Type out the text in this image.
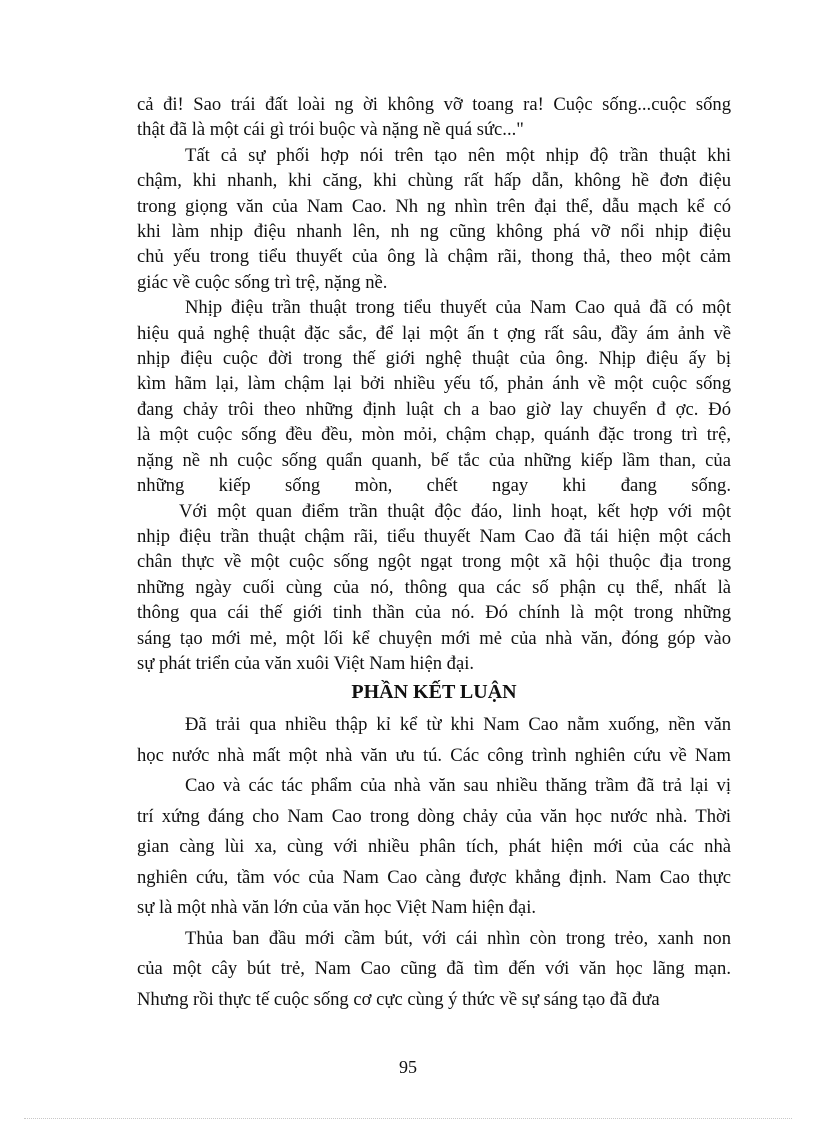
cả đi! Sao trái đất loài ng ời không vỡ toang ra! Cuộc sống...cuộc sống
thật đã là một cái gì trói buộc và nặng nề quá sức..."
Tất cả sự phối hợp nói trên tạo nên một nhịp độ trần thuật khi
chậm, khi nhanh, khi căng, khi chùng rất hấp dẫn, không hề đơn điệu
trong giọng văn của Nam Cao. Nh ng nhìn trên đại thể, dẫu mạch kể có
khi làm nhịp điệu nhanh lên, nh ng cũng không phá vỡ nổi nhịp điệu
chủ yếu trong tiểu thuyết của ông là chậm rãi, thong thả, theo một cảm
giác về cuộc sống trì trệ, nặng nề.
Nhịp điệu trần thuật trong tiểu thuyết của Nam Cao quả đã có một
hiệu quả nghệ thuật đặc sắc, để lại một ấn t ợng rất sâu, đầy ám ảnh về
nhịp điệu cuộc đời trong thế giới nghệ thuật của ông. Nhịp điệu ấy bị
kìm hãm lại, làm chậm lại bởi nhiều yếu tố, phản ánh về một cuộc sống
đang chảy trôi theo những định luật ch a bao giờ lay chuyển đ ợc. Đó
là một cuộc sống đều đều, mòn mỏi, chậm chạp, quánh đặc trong trì trệ,
nặng nề nh cuộc sống quẩn quanh, bế tắc của những kiếp lầm than, của
những kiếp sống mòn, chết ngay khi đang sống.
Với một quan điểm trần thuật độc đáo, linh hoạt, kết hợp với một
nhịp điệu trần thuật chậm rãi, tiểu thuyết Nam Cao đã tái hiện một cách
chân thực về một cuộc sống ngột ngạt trong một xã hội thuộc địa trong
những ngày cuối cùng của nó, thông qua các số phận cụ thể, nhất là
thông qua cái thế giới tinh thần của nó. Đó chính là một trong những
sáng tạo mới mẻ, một lối kể chuyện mới mẻ của nhà văn, đóng góp vào
sự phát triển của văn xuôi Việt Nam hiện đại.
PHẦN KẾT LUẬN
Đã trải qua nhiều thập kỉ kể từ khi Nam Cao nằm xuống, nền văn
học nước nhà mất một nhà văn ưu tú. Các công trình nghiên cứu về Nam
Cao và các tác phẩm của nhà văn sau nhiều thăng trầm đã trả lại vị
trí xứng đáng cho Nam Cao trong dòng chảy của văn học nước nhà. Thời
gian càng lùi xa, cùng với nhiều phân tích, phát hiện mới của các nhà
nghiên cứu, tầm vóc của Nam Cao càng được khẳng định. Nam Cao thực
sự là một nhà văn lớn của văn học Việt Nam hiện đại.
Thủa ban đầu mới cầm bút, với cái nhìn còn trong trẻo, xanh non
của một cây bút trẻ, Nam Cao cũng đã tìm đến với văn học lãng mạn.
Nhưng rồi thực tế cuộc sống cơ cực cùng ý thức về sự sáng tạo đã đưa
95
